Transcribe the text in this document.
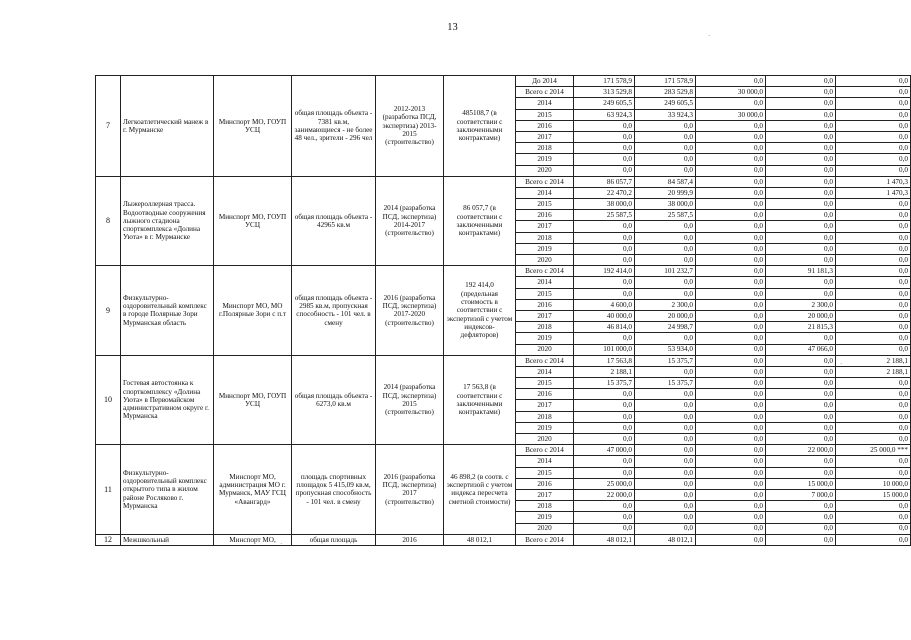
13
7	Легкоатлетический манеж в г. Мурманске	Минспорт МО, ГОУП УСЦ	общая площадь объекта - 7381 кв.м, занимающиеся - не более 48 чел., зрители - 296 чел	2012-2013 (разработка ПСД, экспертиза) 2013-2015 (строительство)	485108,7 (в соответствии с заключенными контрактами)	До 2014	171 578,9	171 578,9	0,0	0,0	0,0
						Всего с 2014	313 529,8	283 529,8	30 000,0	0,0	0,0
						2014	249 605,5	249 605,5	0,0	0,0	0,0
						2015	63 924,3	33 924,3	30 000,0	0,0	0,0
						2016	0,0	0,0	0,0	0,0	0,0
						2017	0,0	0,0	0,0	0,0	0,0
						2018	0,0	0,0	0,0	0,0	0,0
						2019	0,0	0,0	0,0	0,0	0,0
						2020	0,0	0,0	0,0	0,0	0,0
8	Лыжероллерная трасса. Водоотводные сооружения лыжного стадиона спорткомплекса «Долина Уюта» в г. Мурманске	Минспорт МО, ГОУП УСЦ	общая площадь объекта - 42965 кв.м	2014 (разработка ПСД, экспертиза) 2014-2017 (строительство)	86 057,7 (в соответствии с заключенными контрактами)	Всего с 2014	86 057,7	84 587,4	0,0	0,0	1 470,3
						2014	22 470,2	20 999,9	0,0	0,0	1 470,3
						2015	38 000,0	38 000,0	0,0	0,0	0,0
						2016	25 587,5	25 587,5	0,0	0,0	0,0
						2017	0,0	0,0	0,0	0,0	0,0
						2018	0,0	0,0	0,0	0,0	0,0
						2019	0,0	0,0	0,0	0,0	0,0
						2020	0,0	0,0	0,0	0,0	0,0
9	Физкультурно-оздоровительный комплекс в городе Полярные Зори Мурманская область	Минспорт МО, МО г.Полярные Зори с п.т	общая площадь объекта - 2985 кв.м, пропускная способность - 101 чел. в смену	2016 (разработка ПСД, экспертиза) 2017-2020 (строительство)	192 414,0 (предельная стоимость в соответствии с экспертизой с учетом индексов-дефляторов)	Всего с 2014	192 414,0	101 232,7	0,0	91 181,3	0,0
						2014	0,0	0,0	0,0	0,0	0,0
						2015	0,0	0,0	0,0	0,0	0,0
						2016	4 600,0	2 300,0	0,0	2 300,0	0,0
						2017	40 000,0	20 000,0	0,0	20 000,0	0,0
						2018	46 814,0	24 998,7	0,0	21 815,3	0,0
						2019	0,0	0,0	0,0	0,0	0,0
						2020	101 000,0	53 934,0	0,0	47 066,0	0,0
10	Гостевая автостоянка к спорткомплексу «Долина Уюта» в Первомайском административном округе г. Мурманска	Минспорт МО, ГОУП УСЦ	общая площадь объекта - 6273,0 кв.м	2014 (разработка ПСД, экспертиза) 2015 (строительство)	17 563,8 (в соответствии с заключенными контрактами)	Всего с 2014	17 563,8	15 375,7	0,0	0,0	2 188,1
						2014	2 188,1	0,0	0,0	0,0	2 188,1
						2015	15 375,7	15 375,7	0,0	0,0	0,0
						2016	0,0	0,0	0,0	0,0	0,0
						2017	0,0	0,0	0,0	0,0	0,0
						2018	0,0	0,0	0,0	0,0	0,0
						2019	0,0	0,0	0,0	0,0	0,0
						2020	0,0	0,0	0,0	0,0	0,0
11	Физкультурно-оздоровительный комплекс открытого типа в жилом районе Росляково г. Мурманска	Минспорт МО, администрация МО г. Мурманск, МАУ ГСЦ «Авангард»	площадь спортивных площадок 5 415,09 кв.м, пропускная способность - 101 чел. в смену	2016 (разработка ПСД, экспертиза) 2017 (строительство)	46 898,2 (в соотв. с экспертизой с учетом индекса пересчета сметной стоимости)	Всего с 2014	47 000,0	0,0	0,0	22 000,0	25 000,0 ***
						2014	0,0	0,0	0,0	0,0	0,0
						2015	0,0	0,0	0,0	0,0	0,0
						2016	25 000,0	0,0	0,0	15 000,0	10 000,0
						2017	22 000,0	0,0	0,0	7 000,0	15 000,0
						2018	0,0	0,0	0,0	0,0	0,0
						2019	0,0	0,0	0,0	0,0	0,0
						2020	0,0	0,0	0,0	0,0	0,0
12	Межшкольный	Минспорт МО,	общая площадь	2016	48 012,1	Всего с 2014	48 012,1	48 012,1	0,0	0,0	0,0
·
·
·
